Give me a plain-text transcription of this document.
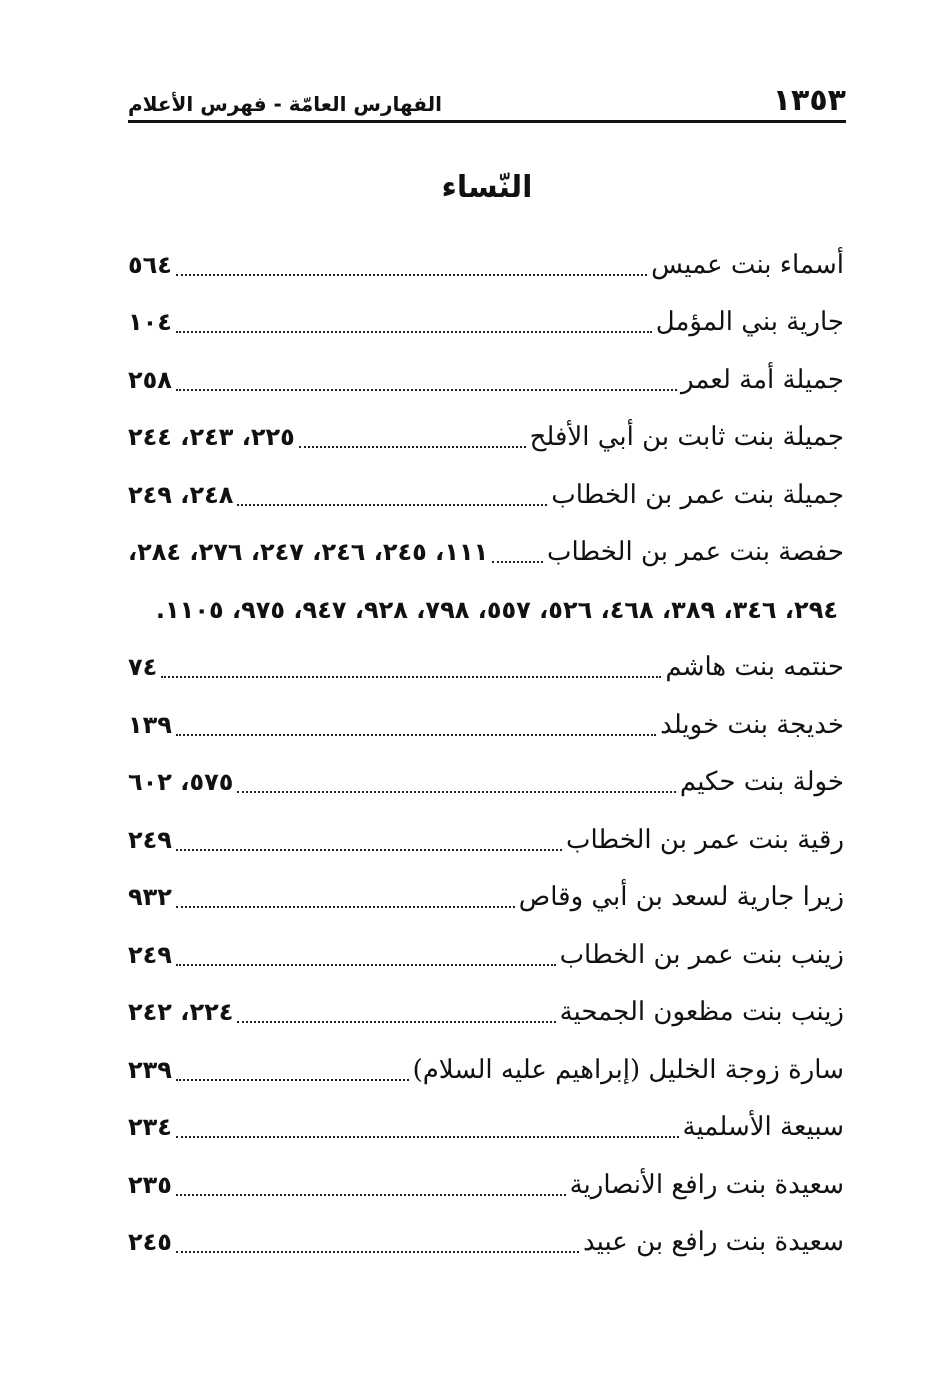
١٣٥٣
الفهارس العامّة - فهرس الأعلام
النّساء
أسماء بنت عميس
٥٦٤
جارية بني المؤمل
١٠٤
جميلة أمة لعمر
٢٥٨
جميلة بنت ثابت بن أبي الأفلح
٢٢٥، ٢٤٣، ٢٤٤
جميلة بنت عمر بن الخطاب
٢٤٨، ٢٤٩
حفصة بنت عمر بن الخطاب
١١١، ٢٤٥، ٢٤٦، ٢٤٧، ٢٧٦، ٢٨٤،
٢٩٤، ٣٤٦، ٣٨٩، ٤٦٨، ٥٢٦، ٥٥٧، ٧٩٨، ٩٢٨، ٩٤٧، ٩٧٥، ١١٠٥.
حنتمه بنت هاشم
٧٤
خديجة بنت خويلد
١٣٩
خولة بنت حكيم
٥٧٥، ٦٠٢
رقية بنت عمر بن الخطاب
٢٤٩
زيرا جارية لسعد بن أبي وقاص
٩٣٢
زينب بنت عمر بن الخطاب
٢٤٩
زينب بنت مظعون الجمحية
٢٢٤، ٢٤٢
سارة زوجة الخليل (إبراهيم عليه السلام)
٢٣٩
سبيعة الأسلمية
٢٣٤
سعيدة بنت رافع الأنصارية
٢٣٥
سعيدة بنت رافع بن عبيد
٢٤٥
